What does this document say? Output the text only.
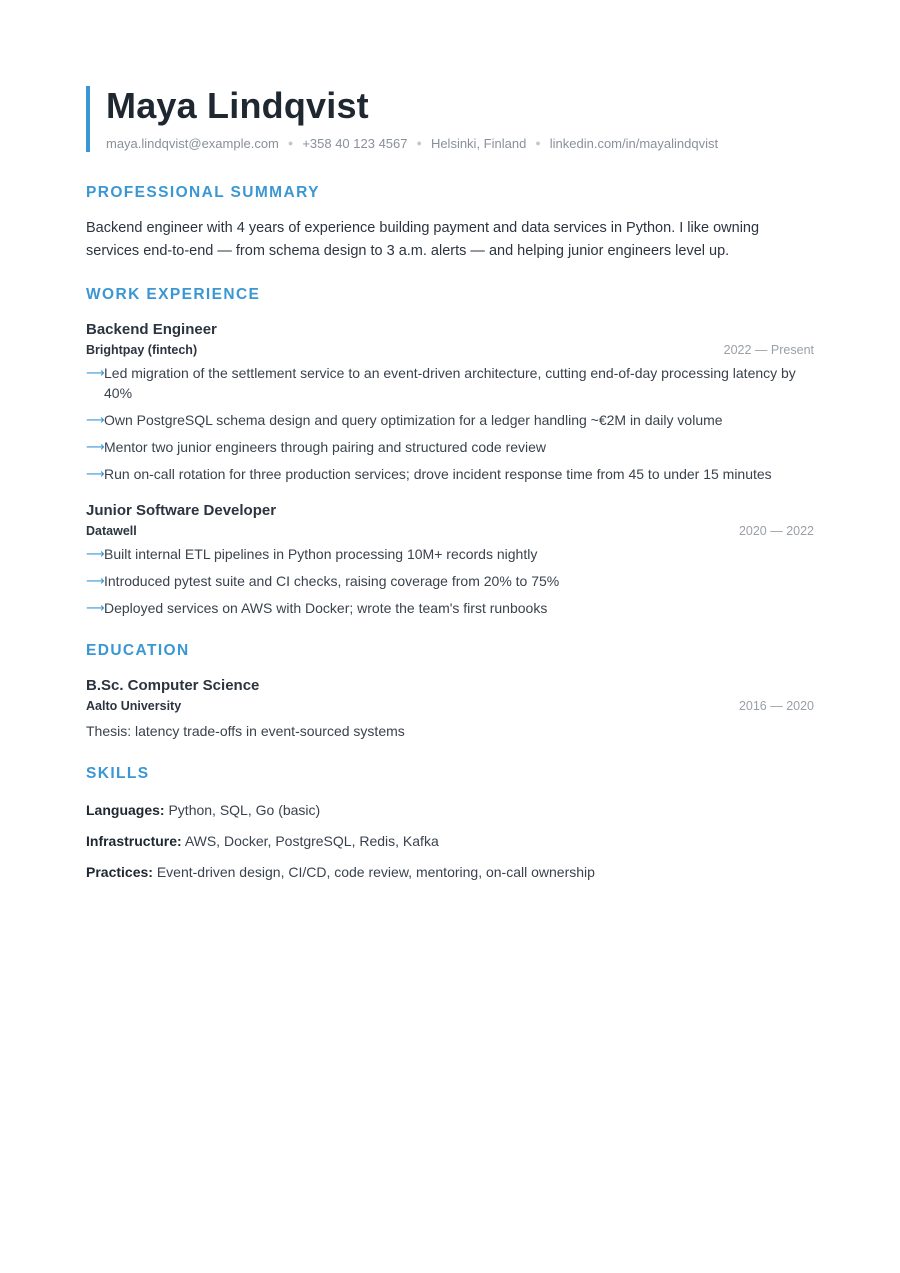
Maya Lindqvist
maya.lindqvist@example.com ● +358 40 123 4567 ● Helsinki, Finland ● linkedin.com/in/mayalindqvist
PROFESSIONAL SUMMARY
Backend engineer with 4 years of experience building payment and data services in Python. I like owning services end-to-end — from schema design to 3 a.m. alerts — and helping junior engineers level up.
WORK EXPERIENCE
Backend Engineer
Brightpay (fintech)	2022 — Present
⟶ Led migration of the settlement service to an event-driven architecture, cutting end-of-day processing latency by 40%
⟶ Own PostgreSQL schema design and query optimization for a ledger handling ~€2M in daily volume
⟶ Mentor two junior engineers through pairing and structured code review
⟶ Run on-call rotation for three production services; drove incident response time from 45 to under 15 minutes
Junior Software Developer
Datawell	2020 — 2022
⟶ Built internal ETL pipelines in Python processing 10M+ records nightly
⟶ Introduced pytest suite and CI checks, raising coverage from 20% to 75%
⟶ Deployed services on AWS with Docker; wrote the team's first runbooks
EDUCATION
B.Sc. Computer Science
Aalto University	2016 — 2020
Thesis: latency trade-offs in event-sourced systems
SKILLS
Languages: Python, SQL, Go (basic)
Infrastructure: AWS, Docker, PostgreSQL, Redis, Kafka
Practices: Event-driven design, CI/CD, code review, mentoring, on-call ownership
